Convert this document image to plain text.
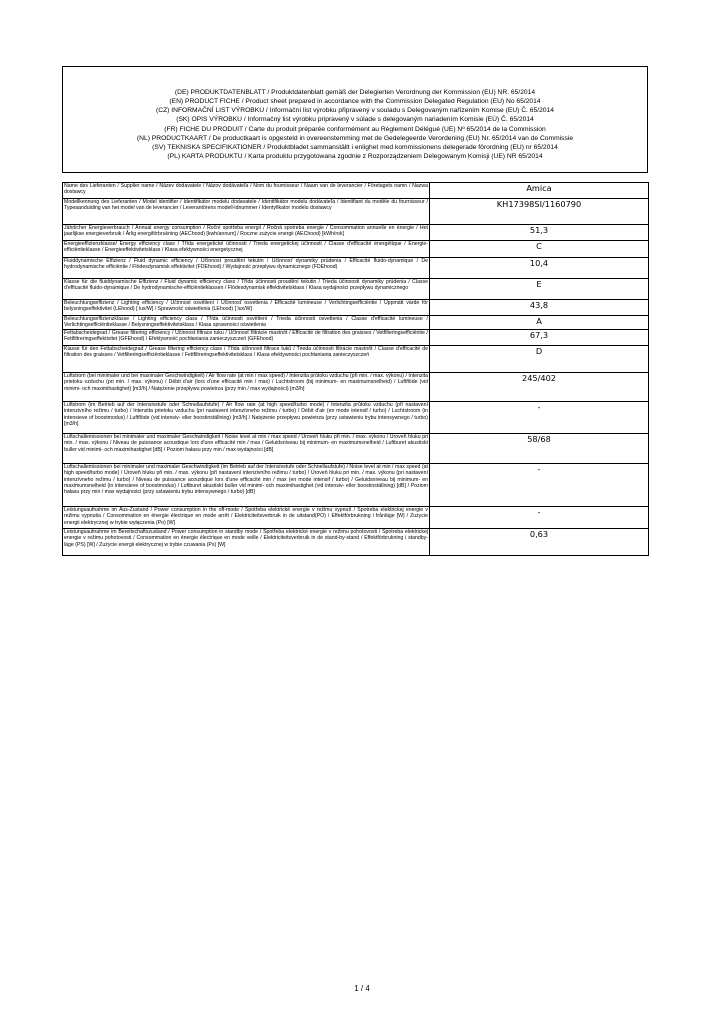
(DE) PRODUKTDATENBLATT / Produktdatenblatt gemäß der Delegierten Verordnung der Kommission (EU) NR. 65/2014
(EN) PRODUCT FICHE / Product sheet prepared in accordance with the Commission Delegated Regulation (EU) No 65/2014
(CZ) INFORMAČNÍ LIST VÝROBKU / Informační list výrobku připravený v souladu s Delegovaným nařízením Komise (EU) Č. 65/2014
(SK) OPIS VÝROBKU / Informačný list výrobku pripravený v súlade s delegovaným nariadením Komisie (EÚ) Č. 65/2014
(FR) FICHE DU PRODUIT / Carte du produit préparée conformément au Règlement Délégué (UE) Nº 65/2014 de la Commission
(NL) PRODUCTKAART / De productkaart is opgesteld in overeenstemming met de Gedelegeerde Verordening (EU) Nr. 65/2014 van de Commissie
(SV) TEKNISKA SPECIFIKATIONER / Produktbladet sammanställt i enlighet med kommissionens delegerade förordning (EU) nr 65/2014
(PL) KARTA PRODUKTU / Karta produktu przygotowana zgodnie z Rozporządzeniem Delegowanym Komisji (UE) NR 65/2014
Name des Lieferanten / Supplier name / Název dodavatele / Názov dodávateľa / Nom du fournisseur / Naam van de leverancier / Företagets namn / Nazwa dostawcy	Amica
Modellkennung des Lieferanten / Model identifier / Identifikátor modelu dodavatele / Identifikátor modelu dodávateľa / Identifiant du modèle du fournisseur / Typeaanduiding van het model van de leverancier / Leverantörens modell-idnummer / Identyfikator modelu dostawcy	KH17398SI/1160790
Jährlicher Energieverbrauch / Annual energy consumption / Roční spotřeba energií / Ročná spotreba energie / Consommation annuelle en énergie / Het jaarlijkse energieverbruik / Årlig energiförbrukning (AEChood) [kwh/annum] / Roczne zużycie energii (AEChood) [kWh/rok]	51,3
Energieeffizienzklasse/ Energy efficiency class / Třída energetické účinnosti / Trieda energetickej účinnosti / Classe d'efficacité énergétique / Energie-efficiëntieklasse / Energieeffektivitetsklass / Klasa efektywności energetycznej	C
Fluiddynamische Effizienz / Fluid dynamic efficiency / Účinnost proudění tekutin / Účinnosť dynamiky prúdenia / Efficacité fluido-dynamique / De hydrodynamische efficiëntie / Flödesdynamisk effektivitet (FDEhood) / Wydajność przepływu dynamicznego (FDEhood)	10,4
Klasse für die fluiddynamische Effizienz / Fluid dynamic efficiency class / Třída účinnosti proudění tekutin / Trieda účinnosti dynamiky prúdenia / Classe d'efficacité fluido-dynamique / De hydrodynamische-efficiëntieklassen / Flödesdynamisk effektivitetsklass / Klasa wydajności przepływu dynamicznego	E
Beleuchtungseffizienz / Lighting efficiency / Účinnost osvětlení / Účinnosť osvetlenia / Efficacité lumineuse / Verlichtingsefficiëntie / Uppmätt värde för belysningseffektivitet (LEhood) [ lux/W] / Sprawność oświetlenia (LEhood) [ lux/W]	43,8
Beleuchtungseffizienzklasse / Lighting efficiency class / Třída účinnosti osvětlení / Trieda účinnosti osvetlenia / Classe d'efficacité lumineuse / Verlichtingsefficiëntieklasse / Belysningseffektivitetsklass / Klasa sprawności oświetlenia	A
Fettabscheidegrad / Grease filtering efficiency / Účinnost filtrace tuku / Účinnosť filtrácie mastnôt / Efficacité de filtration des graisses / Vetfilteringsefficiëntie / Fettfiltreringseffektivitet (GFEhood) / Efektywność pochłaniania zanieczyszczeń (GFEhood)	67,3
Klasse für den Fettabscheidegrad / Grease filtering efficiency class / Třída účinnosti filtrace tuků / Trieda účinnosti filtrácie mastnôt / Classe d'efficacité de filtration des graisses / Vetfilteringsefficiëntieklasse / Fettfiltreringseffektivitetsklass / Klasa efektywności pochłaniania zanieczyszczeń	D
Luftstrom (bei minimaler und bei maximaler Geschwindigkeit) / Air flow rate (at min / max speed) / Intenzita průtoku vzduchu (při min. / max. výkonu) / Intenzita prietoku vzduchu (pri min. / max. výkonu) / Débit d'air (lors d'une efficacité min / max) / Luchtstroom (bij minimum- en maximumsnelheid) / Luftflöde (vid minimi- och maximihastighet) [m3/h] / Natężenie przepływu powietrza (przy min / max wydajności) [m3/h]	245/402
Luftstrom (im Betrieb auf der Intensivstufe oder Schnellaufstufe) / Air flow rate (at high speed/turbo mode) / Intenzita průtoku vzduchu (při nastavení intenzivního režimu / turbo) / Intenzita prietoku vzduchu (pri nastavení intenzívneho režimu / turbo) / Débit d'air (en mode intensif / turbo) / Luchtstroom (in intensieve of boostmodus) / Luftflöde (vid intensiv- eller boostinställning) [m3/h] / Natężenie przepływu powietrza (przy ustawieniu trybu intensywnego / turbo) [m3/h]	-
Luftschallemissionen bei minimaler und maximaler Geschwindigkeit / Noise level at min / max speed / Úroveň hluku při min. / max. výkonu / Úroveň hluku pri min. / max. výkonu / Niveau de puissance acoustique lors d'une efficacité min / max / Geluidsniveau bij minimum- en maximumsnelheid / Luftburet akustiskt buller vid minimi- och maximihastighet [dB] / Poziom hałasu przy min / max wydajności [dB]	58/68
Luftschallemissionen bei minimaler und maximaler Geschwindigkeit (im Betrieb auf der Intensivstufe oder Schnellaufstufe) / Noise level at min / max speed (at high speed/turbo mode) / Úroveň hluku při min. / max. výkonu (při nastavení intenzivního režimu / turbo) / Úroveň hluku pri min. / max. výkonu (pri nastavení intenzívneho režimu / turbo) / Niveau de puissance acoustique lors d'une efficacité min / max (en mode intensif / turbo) / Geluidsniveau bij minimum- en maximumsnelheid (in intensieve of boostmodus) / Luftburet akustiskt buller vid minimi- och maximihastighet (vid intensiv- eller boostinställning) [dB] / Poziom hałasu przy min / max wydajności (przy ustawieniu trybu intensywnego / turbo) [dB]	-
Leistungsaufnahme im Aus-Zustand / Power consumption in the off-mode / Spotřeba elektrické energie v režimu vypnutí / Spotreba elektrickej energie v režimu vypnutia / Consommation en énergie électrique en mode arrêt / Elektriciteitsverbruik in de uitstand(PO) / Effektförbrukning i frånläge [W] / Zużycie energii elektrycznej w trybie wyłączenia (Po) [W]	-
Leistungsaufnahme im Bereitschaftszustand / Power consumption in standby mode / Spotřeba elektrické energie v režimu pohotovosti / Spotreba elektrickej energie v režimu pohotovosti / Consommation en énergie électrique en mode veille / Elektriciteitsverbruik in de stand-by-stand / Effektförbrukning i standby-läge (PS) [W] / Zużycie energii elektrycznej w trybie czuwania (Ps) [W]	0,63
1 / 4
